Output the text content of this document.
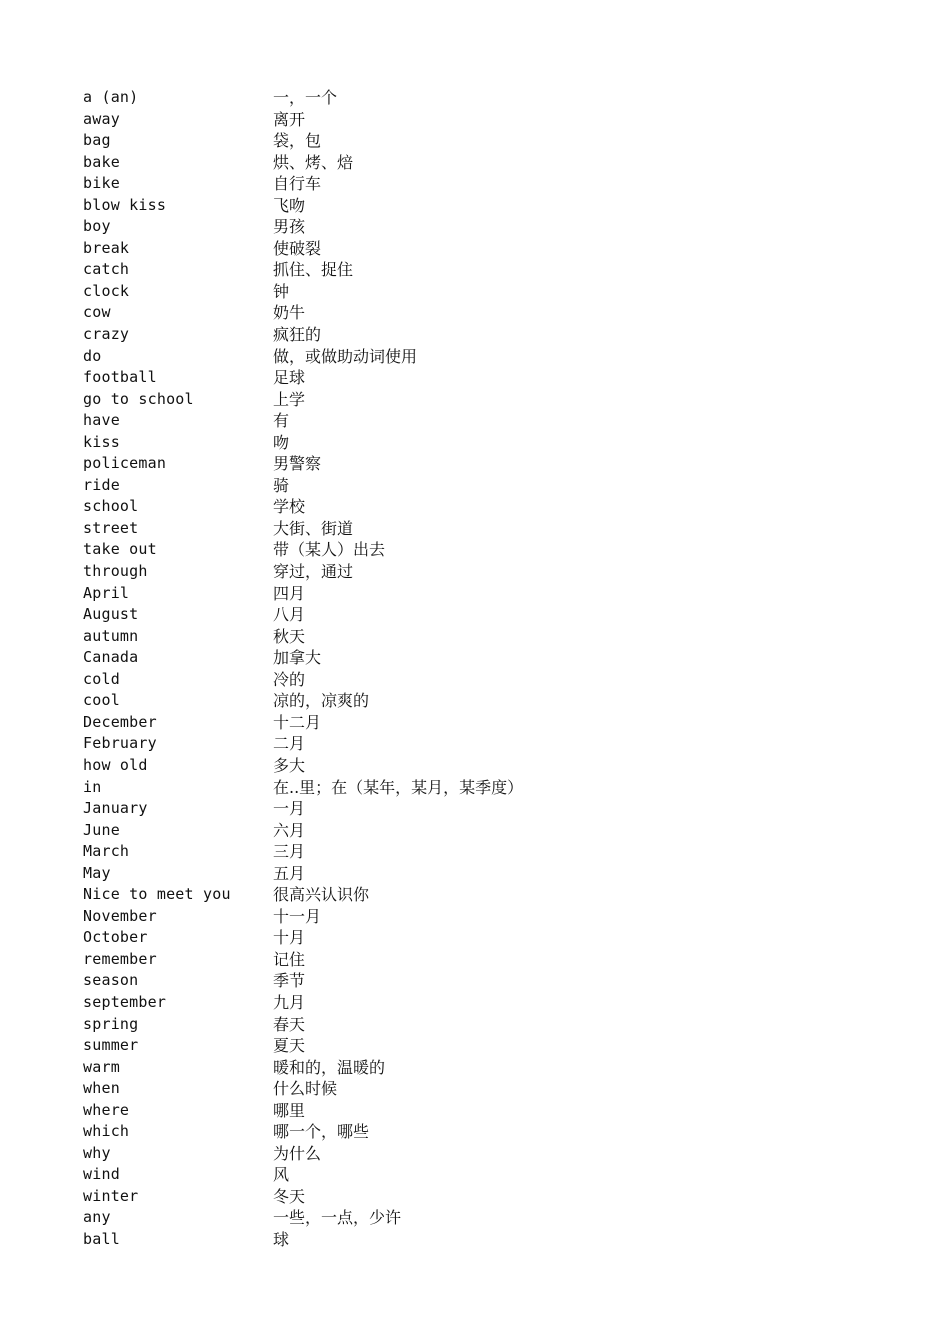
a (an)	一，一个
away	离开
bag	袋，包
bake	烘、烤、焙
bike	自行车
blow kiss	飞吻
boy	男孩
break	使破裂
catch	抓住、捉住
clock	钟
cow	奶牛
crazy	疯狂的
do	做，或做助动词使用
football	足球
go to school	上学
have	有
kiss	吻
policeman	男警察
ride	骑
school	学校
street	大街、街道
take out	带（某人）出去
through	穿过，通过
April	四月
August	八月
autumn	秋天
Canada	加拿大
cold	冷的
cool	凉的，凉爽的
December	十二月
February	二月
how old	多大
in	在..里；在（某年，某月，某季度）
January	一月
June	六月
March	三月
May	五月
Nice to meet you	很高兴认识你
November	十一月
October	十月
remember	记住
season	季节
september	九月
spring	春天
summer	夏天
warm	暖和的，温暖的
when	什么时候
where	哪里
which	哪一个，哪些
why	为什么
wind	风
winter	冬天
any	一些，一点，少许
ball	球
